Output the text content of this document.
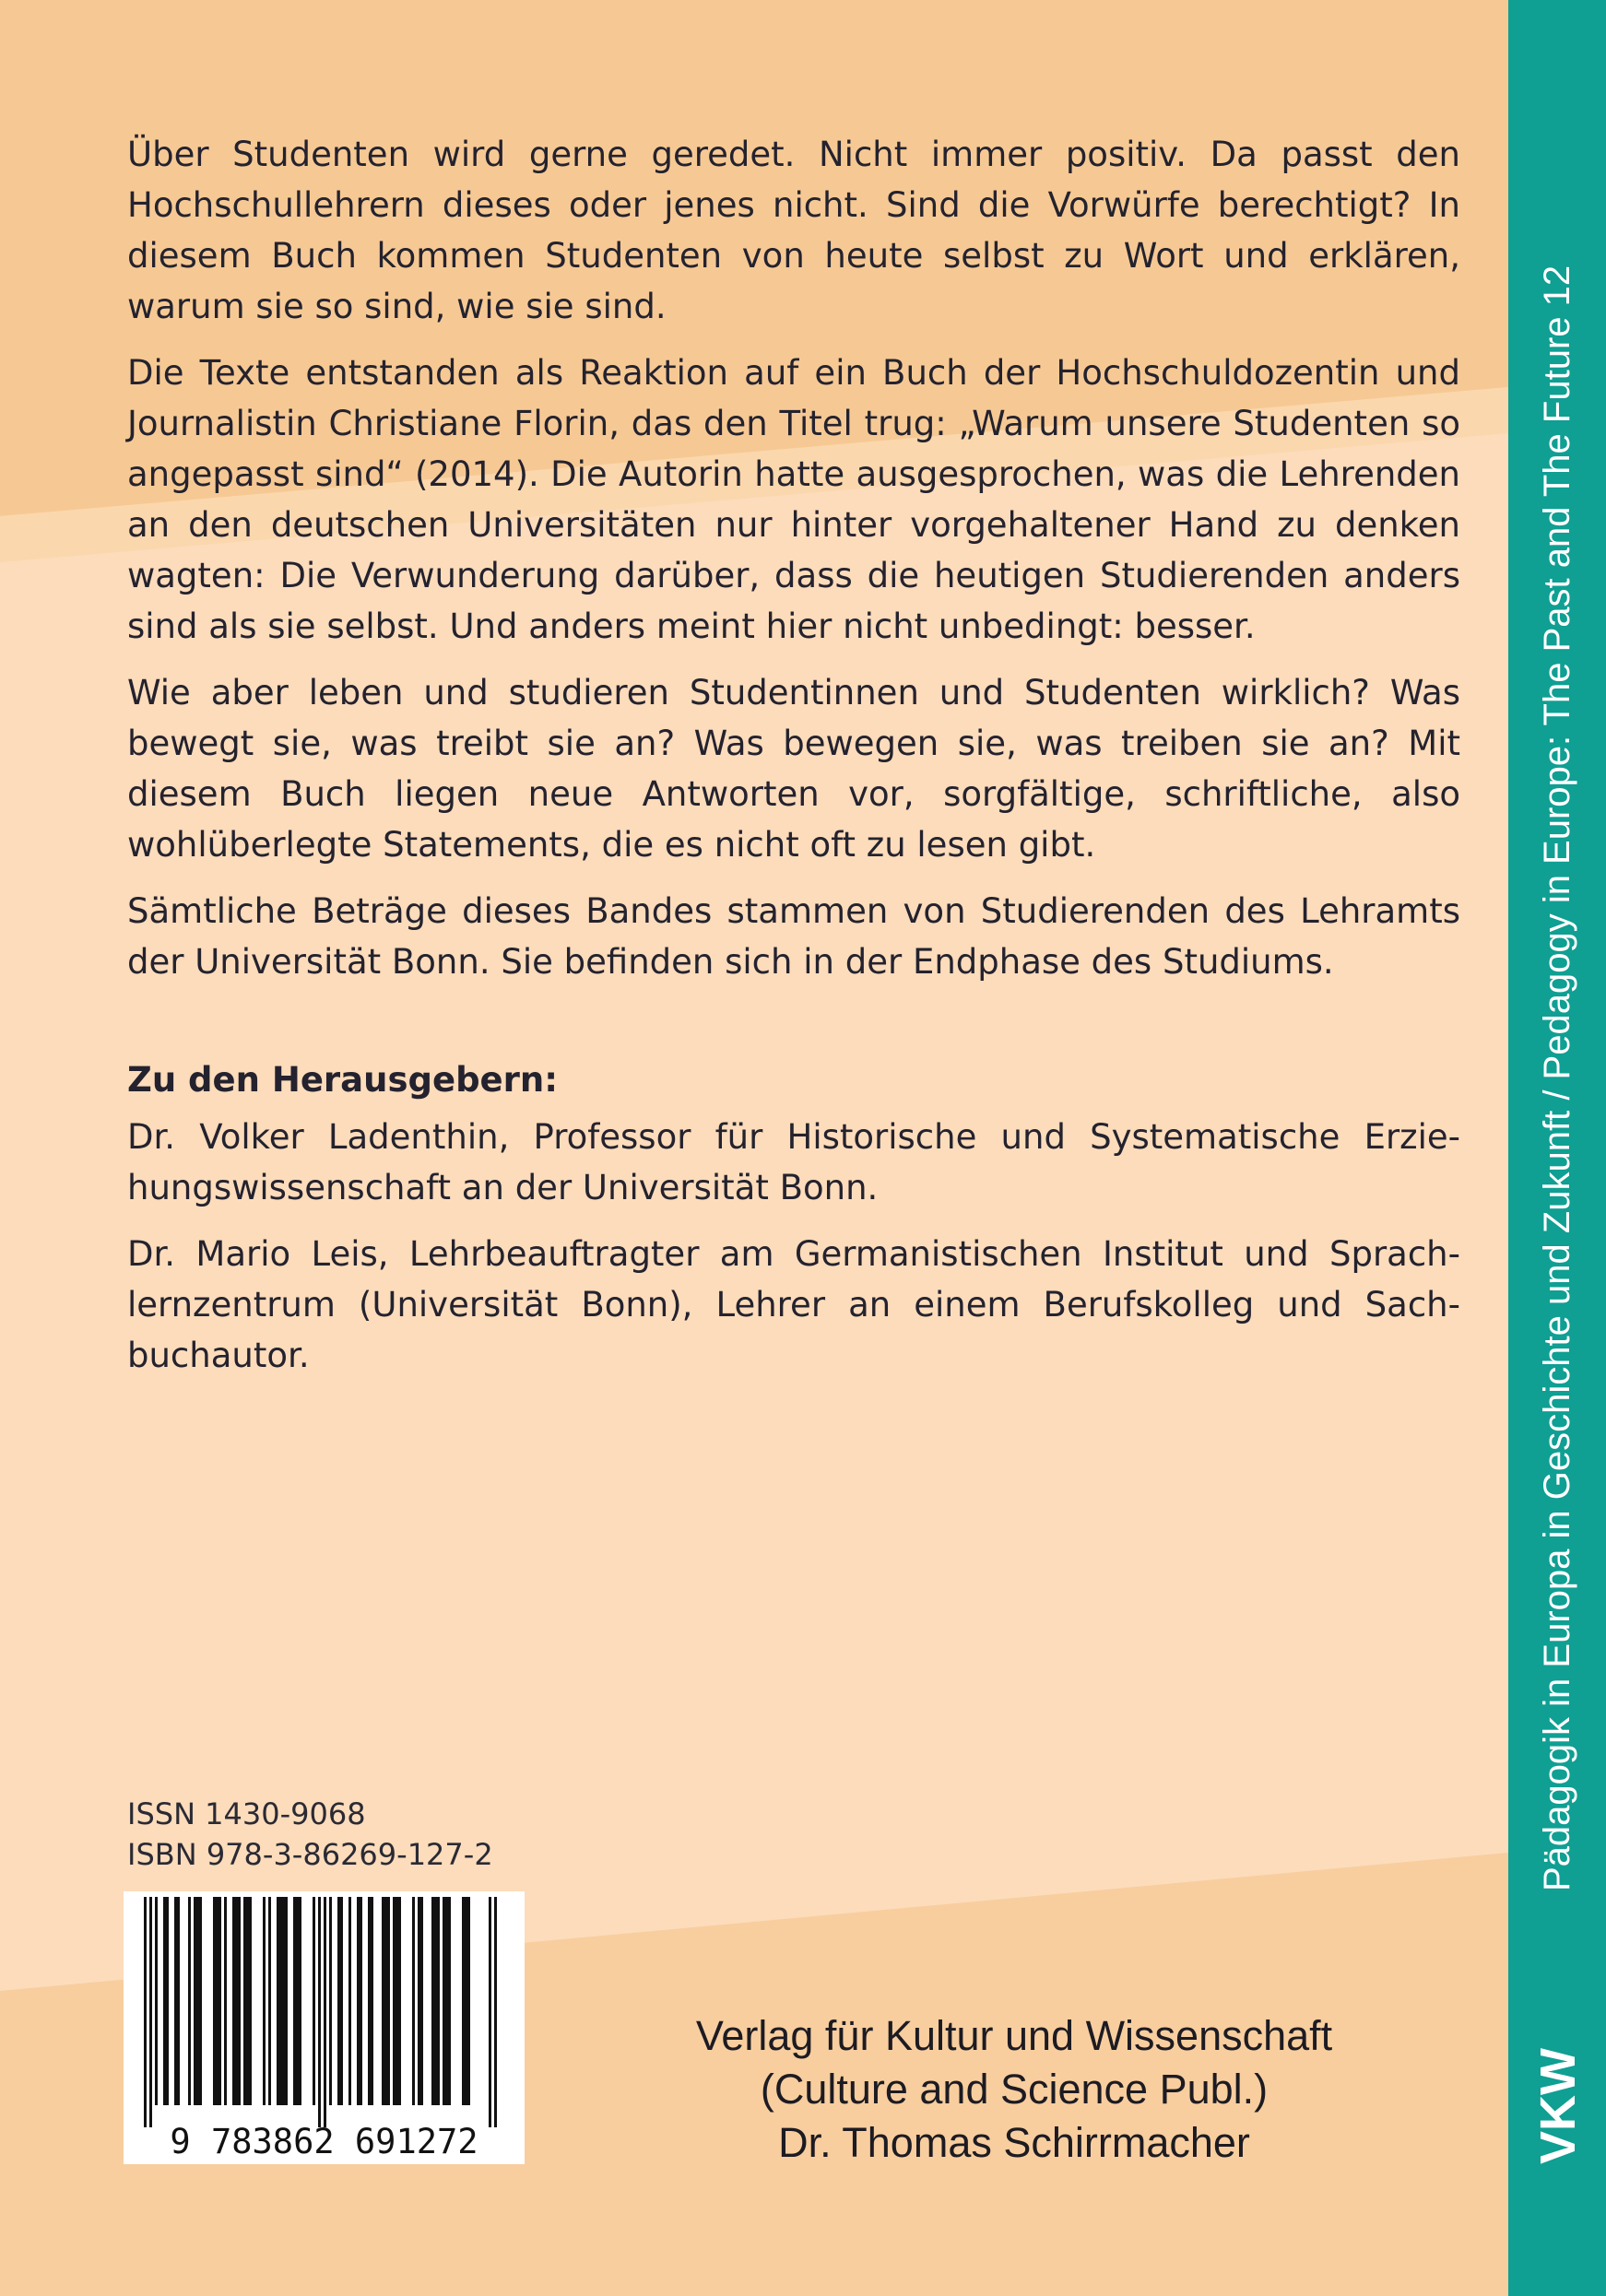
Über Studenten wird gerne geredet. Nicht immer positiv. Da passt den Hochschullehrern dieses oder jenes nicht. Sind die Vorwürfe berechtigt? In diesem Buch kommen Studenten von heute selbst zu Wort und erklären, warum sie so sind, wie sie sind.

Die Texte entstanden als Reaktion auf ein Buch der Hochschuldozentin und Journalistin Christiane Florin, das den Titel trug: „Warum unsere Studenten so angepasst sind“ (2014). Die Autorin hatte ausgesprochen, was die Lehrenden an den deutschen Universitäten nur hinter vorgehaltener Hand zu denken wagten: Die Verwunderung darüber, dass die heutigen Studierenden anders sind als sie selbst. Und anders meint hier nicht unbedingt: besser.

Wie aber leben und studieren Studentinnen und Studenten wirklich? Was bewegt sie, was treibt sie an? Was bewegen sie, was treiben sie an? Mit diesem Buch liegen neue Antworten vor, sorgfältige, schriftliche, also wohlüberlegte Statements, die es nicht oft zu lesen gibt.

Sämtliche Beträge dieses Bandes stammen von Studierenden des Lehramts der Universität Bonn. Sie befinden sich in der Endphase des Studiums.

Zu den Herausgebern:

Dr. Volker Ladenthin, Professor für Historische und Systematische Erziehungswissenschaft an der Universität Bonn.

Dr. Mario Leis, Lehrbeauftragter am Germanistischen Institut und Sprachlernzentrum (Universität Bonn), Lehrer an einem Berufskolleg und Sachbuchautor.

ISSN 1430-9068
ISBN 978-3-86269-127-2
9 783862 691272
Verlag für Kultur und Wissenschaft
(Culture and Science Publ.)
Dr. Thomas Schirrmacher
Pädagogik in Europa in Geschichte und Zukunft / Pedagogy in Europe: The Past and The Future 12
VKW
